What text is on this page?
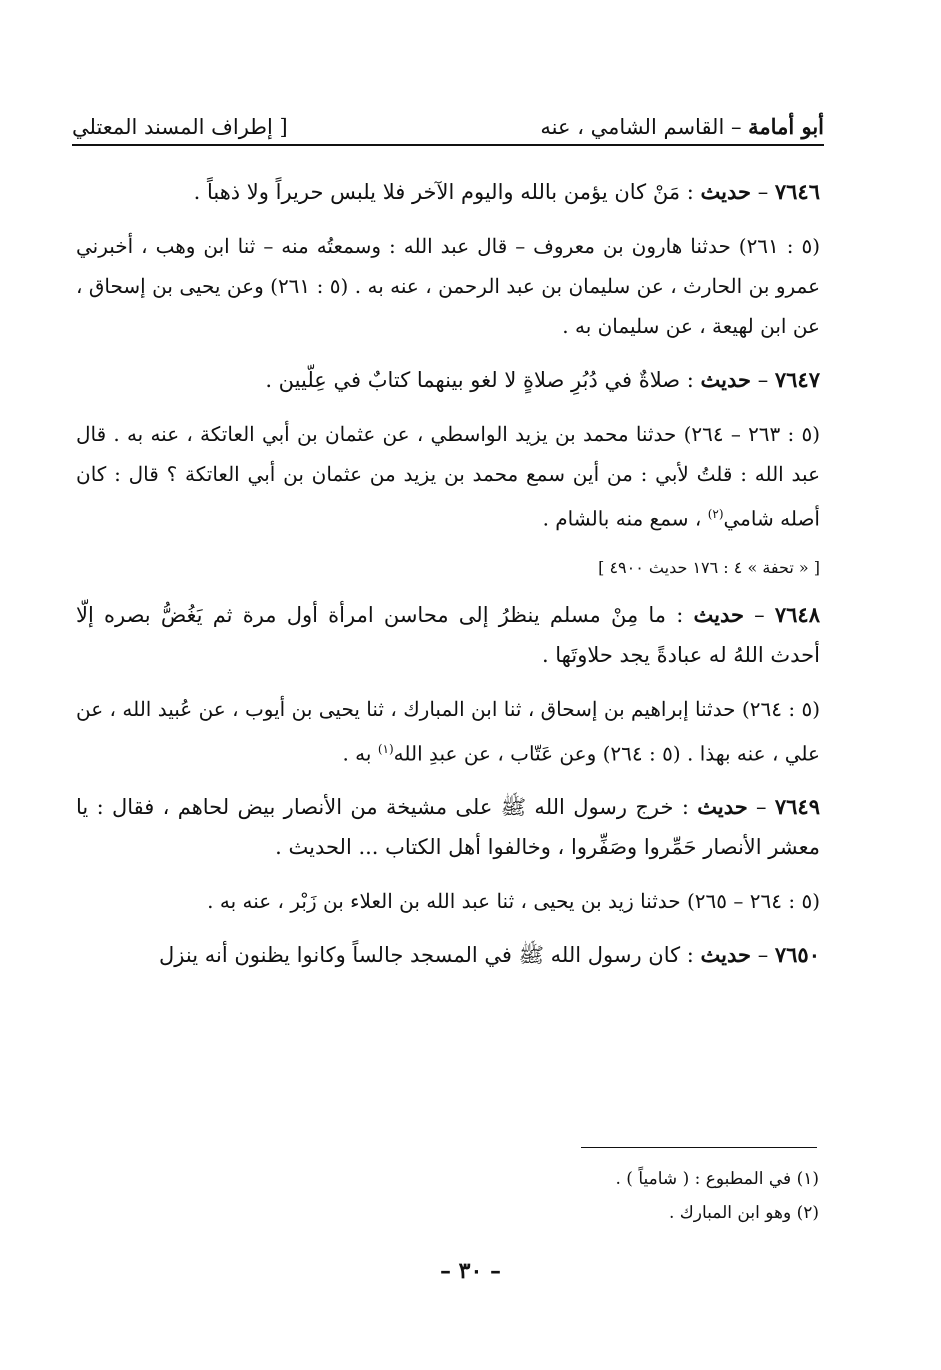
أبو أمامة – القاسم الشامي ، عنه
[ إطراف المسند المعتلي

٧٦٤٦ – حديث : مَنْ كان يؤمن بالله واليوم الآخر فلا يلبس حريراً ولا ذهباً .

(٥ : ٢٦١) حدثنا هارون بن معروف – قال عبد الله : وسمعتُه منه – ثنا ابن وهب ، أخبرني عمرو بن الحارث ، عن سليمان بن عبد الرحمن ، عنه به . (٥ : ٢٦١) وعن يحيى بن إسحاق ، عن ابن لهيعة ، عن سليمان به .

٧٦٤٧ – حديث : صلاةٌ في دُبُرِ صلاةٍ لا لغو بينهما كتابٌ في عِلّيين .

(٥ : ٢٦٣ – ٢٦٤) حدثنا محمد بن يزيد الواسطي ، عن عثمان بن أبي العاتكة ، عنه به . قال عبد الله : قلتُ لأبي : من أين سمع محمد بن يزيد من عثمان بن أبي العاتكة ؟ قال : كان أصله شامي$^{(٢)}$ ، سمع منه بالشام .

[ « تحفة » ٤ : ١٧٦ حديث ٤٩٠٠ ]

٧٦٤٨ – حديث : ما مِنْ مسلم ينظرُ إلى محاسن امرأة أول مرة ثم يَغُضُّ بصره إلّا أحدث اللهُ له عبادةً يجد حلاوتَها .

(٥ : ٢٦٤) حدثنا إبراهيم بن إسحاق ، ثنا ابن المبارك ، ثنا يحيى بن أيوب ، عن عُبيد الله ، عن علي ، عنه بهذا . (٥ : ٢٦٤) وعن عَتّاب ، عن عبدِ الله$^{(١)}$ به .

٧٦٤٩ – حديث : خرج رسول الله ﷺ على مشيخة من الأنصار بيض لحاهم ، فقال : يا معشر الأنصار حَمِّروا وصَفِّروا ، وخالفوا أهل الكتاب ... الحديث .

(٥ : ٢٦٤ – ٢٦٥) حدثنا زيد بن يحيى ، ثنا عبد الله بن العلاء بن زَبْر ، عنه به .

٧٦٥٠ – حديث : كان رسول الله ﷺ في المسجد جالساً وكانوا يظنون أنه ينزل

(١) في المطبوع : ( شامياً ) .
(٢) وهو ابن المبارك .
– ٣٠ –
